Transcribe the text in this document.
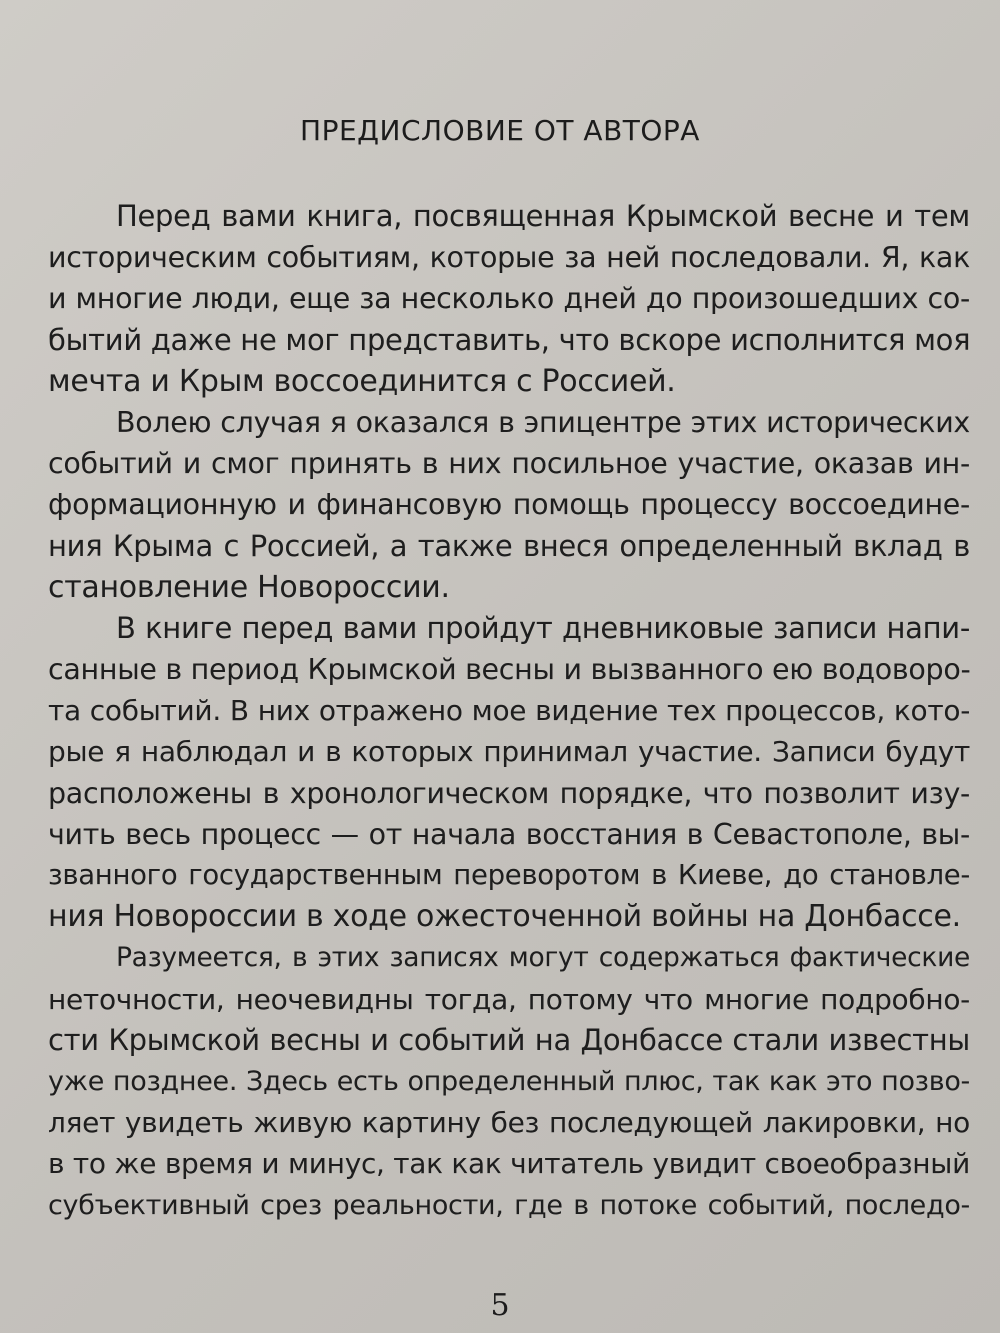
ПРЕДИСЛОВИЕ ОТ АВТОРА
Перед вами книга, посвященная Крымской весне и тем
историческим событиям, которые за ней последовали. Я, как
и многие люди, еще за несколько дней до произошедших со-
бытий даже не мог представить, что вскоре исполнится моя
мечта и Крым воссоединится с Россией.
Волею случая я оказался в эпицентре этих исторических
событий и смог принять в них посильное участие, оказав ин-
формационную и финансовую помощь процессу воссоедине-
ния Крыма с Россией, а также внеся определенный вклад в
становление Новороссии.
В книге перед вами пройдут дневниковые записи напи-
санные в период Крымской весны и вызванного ею водоворо-
та событий. В них отражено мое видение тех процессов, кото-
рые я наблюдал и в которых принимал участие. Записи будут
расположены в хронологическом порядке, что позволит изу-
чить весь процесс — от начала восстания в Севастополе, вы-
званного государственным переворотом в Киеве, до становле-
ния Новороссии в ходе ожесточенной войны на Донбассе.
Разумеется, в этих записях могут содержаться фактические
неточности, неочевидны тогда, потому что многие подробно-
сти Крымской весны и событий на Донбассе стали известны
уже позднее. Здесь есть определенный плюс, так как это позво-
ляет увидеть живую картину без последующей лакировки, но
в то же время и минус, так как читатель увидит своеобразный
субъективный срез реальности, где в потоке событий, последо-
5
